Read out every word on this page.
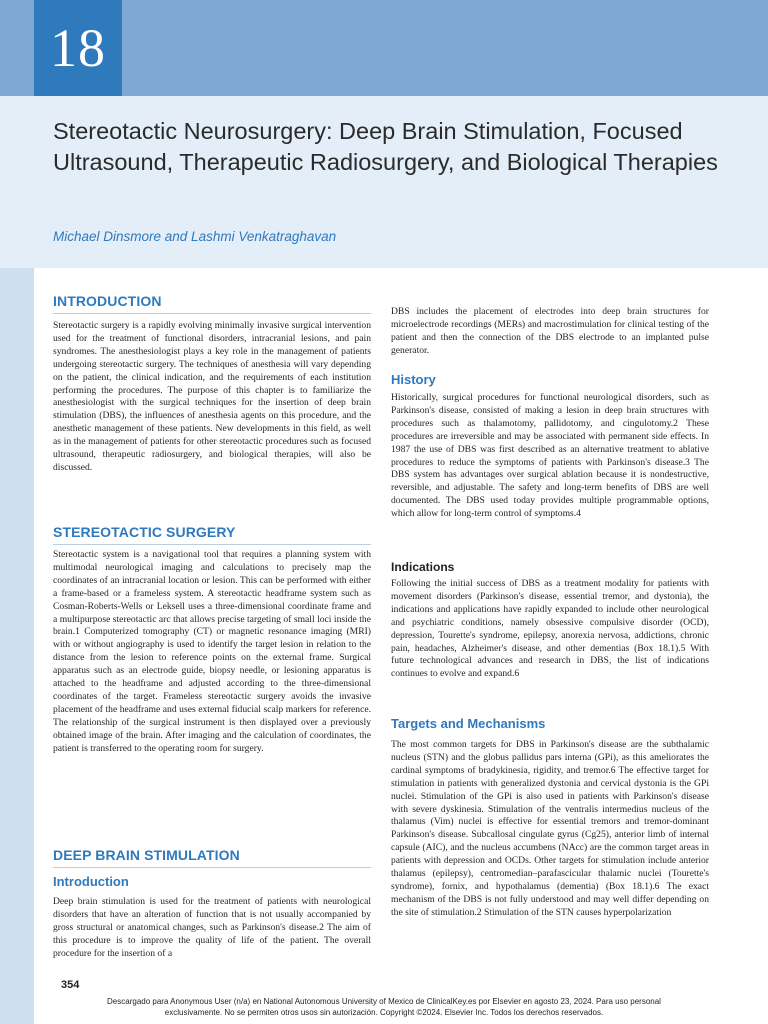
18
Stereotactic Neurosurgery: Deep Brain Stimulation, Focused Ultrasound, Therapeutic Radiosurgery, and Biological Therapies
Michael Dinsmore and Lashmi Venkatraghavan
INTRODUCTION

Stereotactic surgery is a rapidly evolving minimally invasive surgical intervention used for the treatment of functional disorders, intracranial lesions, and pain syndromes. The anesthesiologist plays a key role in the management of patients undergoing stereotactic surgery. The techniques of anesthesia will vary depending on the patient, the clinical indication, and the requirements of each institution performing the procedures. The purpose of this chapter is to familiarize the anesthesiologist with the surgical techniques for the insertion of deep brain stimulation (DBS), the influences of anesthesia agents on this procedure, and the anesthetic management of these patients. New developments in this field, as well as in the management of patients for other stereotactic procedures such as focused ultrasound, therapeutic radiosurgery, and biological therapies, will also be discussed.

STEREOTACTIC SURGERY

Stereotactic system is a navigational tool that requires a planning system with multimodal neurological imaging and calculations to precisely map the coordinates of an intracranial location or lesion. This can be performed with either a frame-based or a frameless system. A stereotactic headframe system such as Cosman-Roberts-Wells or Leksell uses a three-dimensional coordinate frame and a multipurpose stereotactic arc that allows precise targeting of small loci inside the brain.1 Computerized tomography (CT) or magnetic resonance imaging (MRI) with or without angiography is used to identify the target lesion in relation to the distance from the lesion to reference points on the external frame. Surgical apparatus such as an electrode guide, biopsy needle, or lesioning apparatus is attached to the headframe and adjusted according to the three-dimensional coordinates of the target. Frameless stereotactic surgery avoids the invasive placement of the headframe and uses external fiducial scalp markers for reference. The relationship of the surgical instrument is then displayed over a previously obtained image of the brain. After imaging and the calculation of coordinates, the patient is transferred to the operating room for surgery.

DEEP BRAIN STIMULATION
Introduction

Deep brain stimulation is used for the treatment of patients with neurological disorders that have an alteration of function that is not usually accompanied by gross structural or anatomical changes, such as Parkinson's disease.2 The aim of this procedure is to improve the quality of life of the patient. The overall procedure for the insertion of a

DBS includes the placement of electrodes into deep brain structures for microelectrode recordings (MERs) and macrostimulation for clinical testing of the patient and then the connection of the DBS electrode to an implanted pulse generator.

History

Historically, surgical procedures for functional neurological disorders, such as Parkinson's disease, consisted of making a lesion in deep brain structures with procedures such as thalamotomy, pallidotomy, and cingulotomy.2 These procedures are irreversible and may be associated with permanent side effects. In 1987 the use of DBS was first described as an alternative treatment to ablative procedures to reduce the symptoms of patients with Parkinson's disease.3 The DBS system has advantages over surgical ablation because it is nondestructive, reversible, and adjustable. The safety and long-term benefits of DBS are well documented. The DBS used today provides multiple programmable options, which allow for long-term control of symptoms.4

Indications

Following the initial success of DBS as a treatment modality for patients with movement disorders (Parkinson's disease, essential tremor, and dystonia), the indications and applications have rapidly expanded to include other neurological and psychiatric conditions, namely obsessive compulsive disorder (OCD), depression, Tourette's syndrome, epilepsy, anorexia nervosa, addictions, chronic pain, headaches, Alzheimer's disease, and other dementias (Box 18.1).5 With future technological advances and research in DBS, the list of indications continues to evolve and expand.6

Targets and Mechanisms

The most common targets for DBS in Parkinson's disease are the subthalamic nucleus (STN) and the globus pallidus pars interna (GPi), as this ameliorates the cardinal symptoms of bradykinesia, rigidity, and tremor.6 The effective target for stimulation in patients with generalized dystonia and cervical dystonia is the GPi nuclei. Stimulation of the GPi is also used in patients with Parkinson's disease with severe dyskinesia. Stimulation of the ventralis intermedius nucleus of the thalamus (Vim) nuclei is effective for essential tremors and tremor-dominant Parkinson's disease. Subcallosal cingulate gyrus (Cg25), anterior limb of internal capsule (AIC), and the nucleus accumbens (NAcc) are the common target areas in patients with depression and OCDs. Other targets for stimulation include anterior thalamus (epilepsy), centromedian–parafascicular thalamic nuclei (Tourette's syndrome), fornix, and hypothalamus (dementia) (Box 18.1).6 The exact mechanism of the DBS is not fully understood and may well differ depending on the site of stimulation.2 Stimulation of the STN causes hyperpolarization

354
Descargado para Anonymous User (n/a) en National Autonomous University of Mexico de ClinicalKey.es por Elsevier en agosto 23, 2024. Para uso personal exclusivamente. No se permiten otros usos sin autorización. Copyright ©2024. Elsevier Inc. Todos los derechos reservados.
